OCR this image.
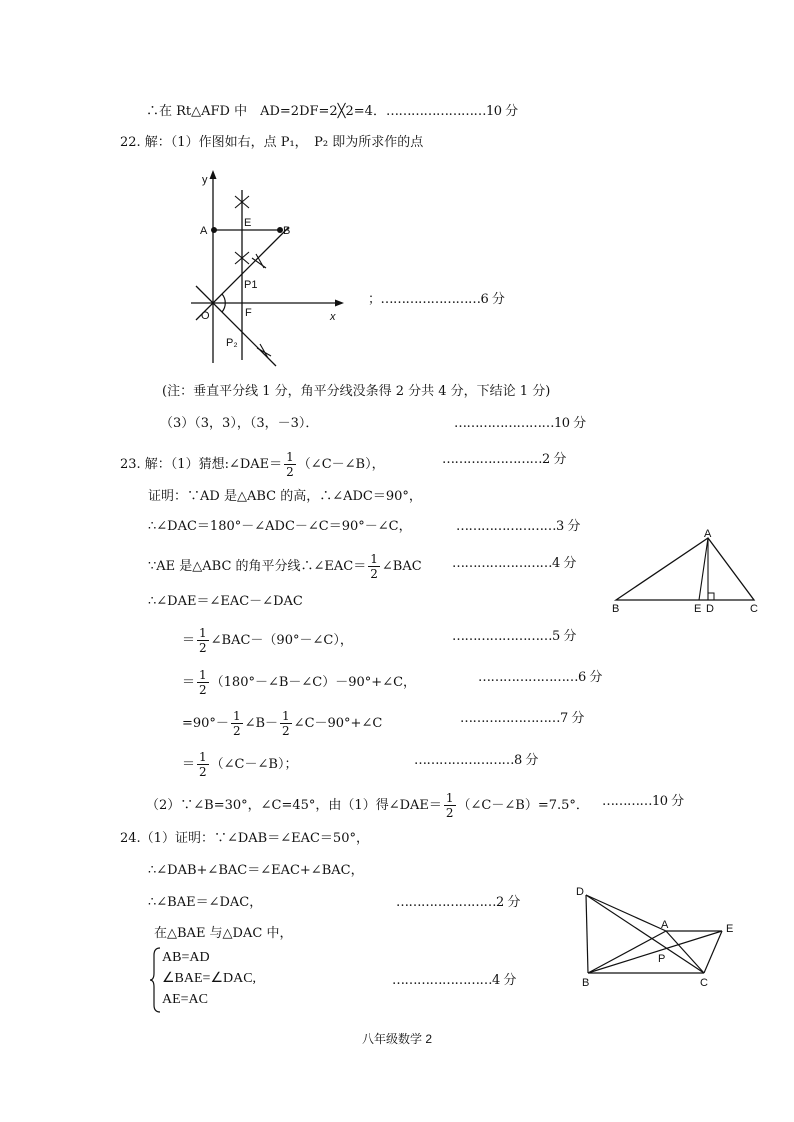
∴在 Rt△AFD 中　AD=2DF=2╳2=4． ……………………10 分
22. 解：（1）作图如右，点 P₁，　P₂ 即为所求作的点
y
x
A
E
B
P1
O	F
P₂
；……………………6 分
(注：垂直平分线 1 分，角平分线没条得 2 分共 4 分，下结论 1 分)
（3）（3，3），（3，－3）．	……………………10 分
23. 解：（1）猜想:∠DAE＝ $\frac{1}{2}$ （∠C－∠B），	……………………2 分
证明：∵AD 是△ABC 的高，∴∠ADC＝90°，
∴∠DAC＝180°－∠ADC－∠C＝90°－∠C，	……………………3 分
∵AE 是△ABC 的角平分线∴∠EAC＝ $\frac{1}{2}$ ∠BAC ……………………4 分
∴∠DAE＝∠EAC－∠DAC
＝ $\frac{1}{2}$ ∠BAC－（90°－∠C），	……………………5 分
＝ $\frac{1}{2}$ （180°－∠B－∠C）－90°+∠C，	……………………6 分
$=90^\circ- \frac{1}{2}$ ∠B－ $\frac{1}{2}$ ∠C－90°+∠C	……………………7 分
＝ $\frac{1}{2}$ （∠C－∠B）；	……………………8 分
（2）∵∠B=30°，∠C=45°，由（1）得∠DAE＝ $\frac{1}{2}$ （∠C－∠B）=7.5°． …………10 分
A
B	E D	C
24.（1）证明：∵∠DAB＝∠EAC＝50°，
∴∠DAB+∠BAC＝∠EAC+∠BAC，
∴∠BAE＝∠DAC，	……………………2 分
在△BAE 与△DAC 中，
AB=AD
∠BAE=∠DAC,
AE=AC
……………………4 分
D
A	E
P
B	C
八年级数学 2
